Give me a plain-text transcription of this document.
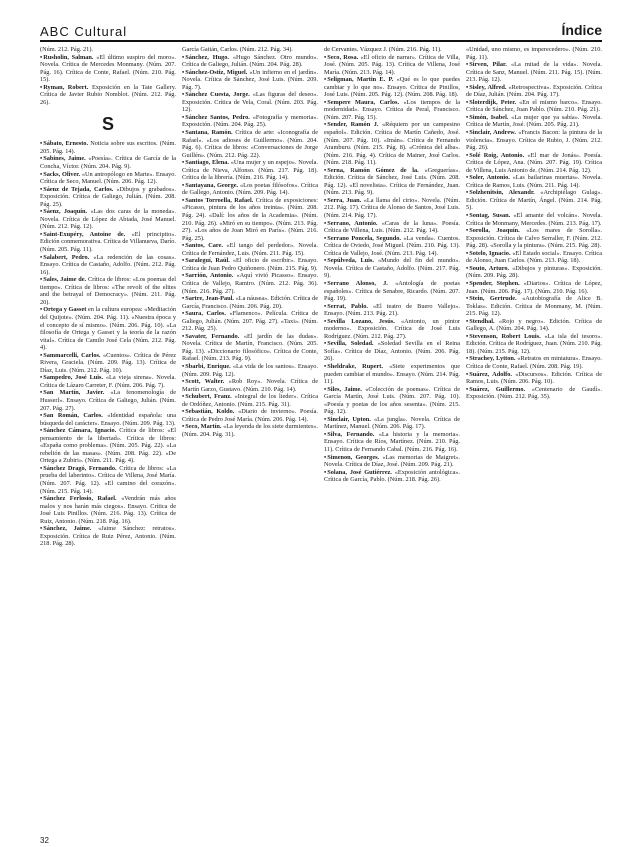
ABC Cultural	Índice

(Núm. 212. Pág. 21).

• Rusholin, Salman. «El último suspiro del moro». Novela. Crítica de Mercedes Monmany. (Núm. 207. Pág. 16). Crítica de Conte, Rafael. (Núm. 210. Pág. 15).

• Ryman, Robert. Exposición en la Tate Gallery. Crítica de Javier Rubio Nomblot. (Núm. 212. Pág. 26).

S

• Sábato, Ernesto. Noticia sobre sus escritos. (Núm. 205. Pág. 14).

• Sabines, Jaime. «Poesía». Crítica de García de la Concha, Víctor. (Núm. 204. Pág. 9).

• Sacks, Oliver. «Un antropólogo en Marte». Ensayo. Crítica de Seco, Manuel. (Núm. 206. Pág. 12).

• Sáenz de Tejada, Carlos. «Dibujos y grabados». Exposición. Crítica de Galiego, Julián. (Núm. 208. Pág. 25).

• Sáenz, Joaquín. «Las dos caras de la moneda». Novela. Crítica de López de Abiada, José Manuel. (Núm. 212. Pág. 12).

• Saint-Exupéry, Antoine de. «El principito». Edición conmemorativa. Crítica de Villanueva, Darío. (Núm. 205. Pág. 11).

• Salabert, Pedro. «La redención de las cosas». Ensayo. Crítica de Castaño, Adolfo. (Núm. 212. Pág. 16).

• Sales, Jaime de. Crítica de libros: «Los poemas del tiempo». Crítica de libros: «The revolt of the elites and the betrayal of Democracy». (Núm. 211. Pág. 20).

• Ortega y Gasset en la cultura europea: «Meditación del Quijote». (Núm. 204. Pág. 11). «Nuestra época y el concepto de sí mismo». (Núm. 206. Pág. 10). «La filosofía de Ortega y Gasset y la teoría de la razón vital». Crítica de Camilo José Cela (Núm. 212. Pág. 4).

• Sammarcelli, Carlos. «Cuentos». Crítica de Pérez Rivera, Graciela. (Núm. 209. Pág. 13). Crítica de Díaz, Luis. (Núm. 212. Pág. 10).

• Sampedro, José Luis. «La vieja sirena». Novela. Crítica de Lázaro Carreter, F. (Núm. 206. Pág. 7).

• San Martín, Javier. «La fenomenología de Husserl». Ensayo. Crítica de Galiego, Julián. (Núm. 207. Pág. 27).

• San Román, Carlos. «Identidad española: una búsqueda del carácter». Ensayo. (Núm. 209. Pág. 13).

• Sánchez Cámara, Ignacio. Crítica de libros: «El pensamiento de la libertad». Crítica de libros: «España como problema». (Núm. 205. Pág. 22). «La rebelión de las masas». (Núm. 208. Pág. 22). «De Ortega a Zubiri». (Núm. 211. Pág. 4).

• Sánchez Dragó, Fernando. Crítica de libros: «La prueba del laberinto». Crítica de Villena, José María. (Núm. 207. Pág. 12). «El camino del corazón». (Núm. 215. Pág. 14).

• Sánchez Ferlosio, Rafael. «Vendrán más años malos y nos harán más ciegos». Ensayo. Crítica de José Luis Pinillos. (Núm. 216. Pág. 13). Crítica de Ruiz, Antonio. (Núm. 218. Pág. 16).

• Sánchez, Jaime. «Jaime Sánchez: retratos». Exposición. Crítica de Ruiz Pérez, Antonio. (Núm. 218. Pág. 28).

García Gaitán, Carlos. (Núm. 212. Pág. 34).

• Sánchez, Hugo. «Hugo Sánchez. Otro mundo». Crítica de Galiego, Julián. (Núm. 204. Pág. 28).

• Sánchez-Ostiz, Miguel. «Un infierno en el jardín». Novela. Crítica de Sánchez, José Luis. (Núm. 209. Pág. 7).

• Sánchez Cuesta, Jorge. «Las figuras del deseo». Exposición. Crítica de Vela, Coral. (Núm. 203. Pág. 12).

• Sánchez Santos, Pedro. «Fotografía y memoria». Exposición. (Núm. 204. Pág. 25).

• Santana, Ramón. Crítica de arte: «Iconografía de Rafael». «Los adioses de Guillermo». (Núm. 204. Pág. 6). Crítica de libros: «Conversaciones de Jorge Guillén». (Núm. 212. Pág. 22).

• Santiago, Elena. «Una mujer y un espejo». Novela. Crítica de Nieva, Alfonso. (Núm. 217. Pág. 18). Crítica de la librería. (Núm. 216. Pág. 14).

• Santayana, George. «Los poetas filósofos». Crítica de Gallego, Antonio. (Núm. 209. Pág. 14).

• Santos Torroella, Rafael. Crítica de exposiciones: «Picasso, pintura de los años treinta». (Núm. 208. Pág. 24). «Dalí: los años de la Academia». (Núm. 210. Pág. 26). «Miró en su tiempo». (Núm. 213. Pág. 27). «Los años de Joan Miró en París». (Núm. 216. Pág. 25).

• Santos, Care. «El tango del perdedor». Novela. Crítica de Fernández, Luis. (Núm. 211. Pág. 15).

• Saraleguí, Raúl. «El oficio de escribir». Ensayo. Crítica de Juan Pedro Quiñonero. (Núm. 215. Pág. 9).

• Sarrión, Antonio. «Aquí vivió Picasso». Ensayo. Crítica de Vallejo, Ramiro. (Núm. 212. Pág. 36). (Núm. 216. Pág. 27).

• Sartre, Jean-Paul. «La náusea». Edición. Crítica de García, Francisco. (Núm. 206. Pág. 20).

• Saura, Carlos. «Flamenco». Película. Crítica de Galiego, Julián. (Núm. 207. Pág. 27). «Taxi». (Núm. 212. Pág. 25).

• Savater, Fernando. «El jardín de las dudas». Novela. Crítica de Martín, Francisco. (Núm. 205. Pág. 13). «Diccionario filosófico». Crítica de Conte, Rafael. (Núm. 213. Pág. 9).

• Sbarbi, Enrique. «La vida de los santos». Ensayo. (Núm. 209. Pág. 12).

• Scott, Walter. «Rob Roy». Novela. Crítica de Martín Garzo, Gustavo. (Núm. 210. Pág. 14).

• Schubert, Franz. «Integral de los lieder». Crítica de Ordóñez, Antonio. (Núm. 215. Pág. 31).

• Sebastián, Koldo. «Diario de invierno». Poesía. Crítica de Pedro José María. (Núm. 206. Pág. 14).

• Seco, Martín. «La leyenda de los siete durmientes». (Núm. 204. Pág. 31).

de Cervantes. Vázquez J. (Núm. 216. Pág. 11).

• Seco, Rosa. «El oficio de narrar». Crítica de Villa, José. (Núm. 205. Pág. 13). Crítica de Villena, José María. (Núm. 213. Pág. 14).

• Seligman, Martin E. P. «Qué es lo que puedes cambiar y lo que no». Ensayo. Crítica de Pinillos, José Luis. (Núm. 205. Pág. 12). (Núm. 208. Pág. 18).

• Sempere Maura, Carlos. «Los tiempos de la modernidad». Ensayo. Crítica de Peral, Francisco. (Núm. 207. Pág. 15).

• Sender, Ramón J. «Réquiem por un campesino español». Edición. Crítica de Martín Cañedo, José. (Núm. 207. Pág. 10). «Imán». Crítica de Fernando Aramburu. (Núm. 215. Pág. 8). «Crónica del alba». (Núm. 216. Pág. 4). Crítica de Mainer, José Carlos. (Núm. 218. Pág. 11).

• Serna, Ramón Gómez de la. «Greguerías». Edición. Crítica de Sánchez, José Luis. (Núm. 208. Pág. 12). «El novelista». Crítica de Fernández, Juan. (Núm. 213. Pág. 9).

• Serra, Juan. «La llama del cirio». Novela. (Núm. 212. Pág. 17). Crítica de Alonso de Santos, José Luis. (Núm. 214. Pág. 17).

• Serrano, Antonio. «Caras de la luna». Poesía. Crítica de Villena, Luis. (Núm. 212. Pág. 14).

• Serrano Poncela, Segundo. «La venda». Cuentos. Crítica de Oviedo, José Miguel. (Núm. 210. Pág. 13). Crítica de Vallejo, José. (Núm. 213. Pág. 14).

• Sepúlveda, Luis. «Mundo del fin del mundo». Novela. Crítica de Castaño, Adolfo. (Núm. 217. Pág. 9).

• Serrano Alonso, J. «Antología de poetas españoles». Crítica de Senabre, Ricardo. (Núm. 207. Pág. 19).

• Serrat, Pablo. «El teatro de Buero Vallejo». Ensayo. (Núm. 213. Pág. 21).

• Sevilla Lozano, Jesús. «Antonio, un pintor moderno». Exposición. Crítica de José Luis Rodríguez. (Núm. 212. Pág. 27).

• Sevilla, Soledad. «Soledad Sevilla en el Reina Sofía». Crítica de Díaz, Antonio. (Núm. 206. Pág. 26).

• Sheldrake, Rupert. «Siete experimentos que pueden cambiar el mundo». Ensayo. (Núm. 214. Pág. 11).

• Siles, Jaime. «Colección de poemas». Crítica de García Martín, José Luis. (Núm. 207. Pág. 10). «Poesía y poetas de los años sesenta». (Núm. 215. Pág. 12).

• Sinclair, Upton. «La jungla». Novela. Crítica de Martínez, Manuel. (Núm. 206. Pág. 17).

• Silva, Fernando. «La historia y la memoria». Ensayo. Crítica de Ríos, Martínez. (Núm. 210. Pág. 11). Crítica de Fernando Cabal. (Núm. 216. Pág. 16).

• Simenon, Georges. «Las memorias de Maigret». Novela. Crítica de Díaz, José. (Núm. 209. Pág. 21).

• Solana, José Gutiérrez. «Exposición antológica». Crítica de García, Pablo. (Núm. 218. Pág. 26).

«Unidad, uno mismo, es imperecedero». (Núm. 210. Pág. 11).

• Sirven, Pilar. «La mitad de la vida». Novela. Crítica de Sanz, Manuel. (Núm. 211. Pág. 15). (Núm. 213. Pág. 12).

• Sisley, Alfred. «Retrospectiva». Exposición. Crítica de Díaz, Julián. (Núm. 204. Pág. 17).

• Sloterdijk, Peter. «En el mismo barco». Ensayo. Crítica de Sánchez, Juan Pablo. (Núm. 210. Pág. 21).

• Simón, Isabel. «La mujer que ya sabía». Novela. Crítica de Martín, José. (Núm. 205. Pág. 21).

• Sinclair, Andrew. «Francis Bacon: la pintura de la violencia». Ensayo. Crítica de Rubio, J. (Núm. 212. Pág. 26).

• Solé Roig, Antonio. «El mar de Jonás». Poesía. Crítica de López, Ana. (Núm. 207. Pág. 19). Crítica de Villena, Luis Antonio de. (Núm. 214. Pág. 12).

• Soler, Antonio. «Las bailarinas muertas». Novela. Crítica de Ramos, Luis. (Núm. 211. Pág. 14).

• Solzhenitsin, Alexandr. «Archipiélago Gulag». Edición. Crítica de Martín, Ángel. (Núm. 214. Pág. 5).

• Sontag, Susan. «El amante del volcán». Novela. Crítica de Monmany, Mercedes. (Núm. 213. Pág. 17).

• Sorolla, Joaquín. «Los mares de Sorolla». Exposición. Crítica de Calvo Serraller, F. (Núm. 212. Pág. 28). «Sorolla y la pintura». (Núm. 215. Pág. 28).

• Sotelo, Ignacio. «El Estado social». Ensayo. Crítica de Alonso, Juan Carlos. (Núm. 213. Pág. 18).

• Souto, Arturo. «Dibujos y pinturas». Exposición. (Núm. 209. Pág. 28).

• Spender, Stephen. «Diarios». Crítica de López, Juan. (Núm. 206. Pág. 17). (Núm. 210. Pág. 16).

• Stein, Gertrude. «Autobiografía de Alice B. Toklas». Edición. Crítica de Monmany, M. (Núm. 215. Pág. 12).

• Stendhal. «Rojo y negro». Edición. Crítica de Gallego, A. (Núm. 204. Pág. 14).

• Stevenson, Robert Louis. «La isla del tesoro». Edición. Crítica de Rodríguez, Juan. (Núm. 210. Pág. 18). (Núm. 215. Pág. 12).

• Strachey, Lytton. «Retratos en miniatura». Ensayo. Crítica de Conte, Rafael. (Núm. 208. Pág. 19).

• Suárez, Adolfo. «Discursos». Edición. Crítica de Ramos, Luis. (Núm. 206. Pág. 10).

• Suárez, Guillermo. «Centenario de Gaudí». Exposición. (Núm. 212. Pág. 35).

32
